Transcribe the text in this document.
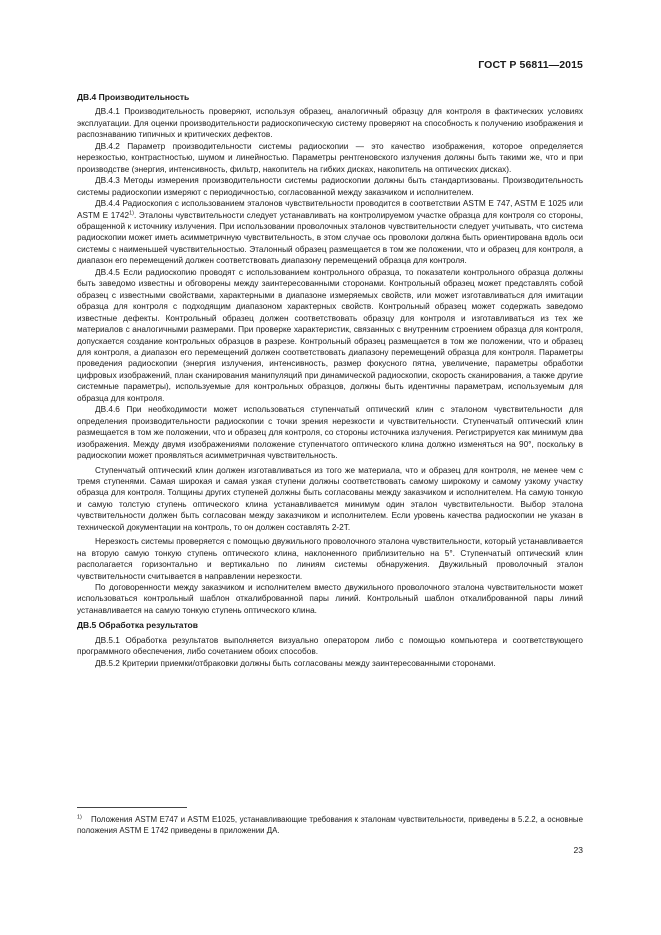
ГОСТ Р 56811—2015
ДВ.4 Производительность

ДВ.4.1 Производительность проверяют, используя образец, аналогичный образцу для контроля в фактических условиях эксплуатации. Для оценки производительности радиоскопическую систему проверяют на способность к получению изображения и распознаванию типичных и критических дефектов.

ДВ.4.2 Параметр производительности системы радиоскопии — это качество изображения, которое определяется нерезкостью, контрастностью, шумом и линейностью. Параметры рентгеновского излучения должны быть такими же, что и при производстве (энергия, интенсивность, фильтр, накопитель на гибких дисках, накопитель на оптических дисках).

ДВ.4.3 Методы измерения производительности системы радиоскопии должны быть стандартизованы. Производительность системы радиоскопии измеряют с периодичностью, согласованной между заказчиком и исполнителем.

ДВ.4.4 Радиоскопия с использованием эталонов чувствительности проводится в соответствии ASTM E 747, ASTM E 1025 или ASTM E 1742$^{1)}$. Эталоны чувствительности следует устанавливать на контролируемом участке образца для контроля со стороны, обращенной к источнику излучения. При использовании проволочных эталонов чувствительности следует учитывать, что система радиоскопии может иметь асимметричную чувствительность, в этом случае ось проволоки должна быть ориентирована вдоль оси системы с наименьшей чувствительностью. Эталонный образец размещается в том же положении, что и образец для контроля, а диапазон его перемещений должен соответствовать диапазону перемещений образца для контроля.

ДВ.4.5 Если радиоскопию проводят с использованием контрольного образца, то показатели контрольного образца должны быть заведомо известны и обговорены между заинтересованными сторонами. Контрольный образец может представлять собой образец с известными свойствами, характерными в диапазоне измеряемых свойств, или может изготавливаться для имитации образца для контроля с подходящим диапазоном характерных свойств. Контрольный образец может содержать заведомо известные дефекты. Контрольный образец должен соответствовать образцу для контроля и изготавливаться из тех же материалов с аналогичными размерами. При проверке характеристик, связанных с внутренним строением образца для контроля, допускается создание контрольных образцов в разрезе. Контрольный образец размещается в том же положении, что и образец для контроля, а диапазон его перемещений должен соответствовать диапазону перемещений образца для контроля. Параметры проведения радиоскопии (энергия излучения, интенсивность, размер фокусного пятна, увеличение, параметры обработки цифровых изображений, план сканирования манипуляций при динамической радиоскопии, скорость сканирования, а также другие системные параметры), используемые для контрольных образцов, должны быть идентичны параметрам, используемым для образца для контроля.

ДВ.4.6 При необходимости может использоваться ступенчатый оптический клин с эталоном чувствительности для определения производительности радиоскопии с точки зрения нерезкости и чувствительности. Ступенчатый оптический клин размещается в том же положении, что и образец для контроля, со стороны источника излучения. Регистрируется как минимум два изображения. Между двумя изображениями положение ступенчатого оптического клина должно изменяться на 90°, поскольку в радиоскопии может проявляться асимметричная чувствительность.

Ступенчатый оптический клин должен изготавливаться из того же материала, что и образец для контроля, не менее чем с тремя ступенями. Самая широкая и самая узкая ступени должны соответствовать самому широкому и самому узкому участку образца для контроля. Толщины других ступеней должны быть согласованы между заказчиком и исполнителем. На самую тонкую и самую толстую ступень оптического клина устанавливается минимум один эталон чувствительности. Выбор эталона чувствительности должен быть согласован между заказчиком и исполнителем. Если уровень качества радиоскопии не указан в технической документации на контроль, то он должен составлять 2-2T.

Нерезкость системы проверяется с помощью двужильного проволочного эталона чувствительности, который устанавливается на вторую самую тонкую ступень оптического клина, наклоненного приблизительно на 5°. Ступенчатый оптический клин располагается горизонтально и вертикально по линиям системы обнаружения. Двужильный проволочный эталон чувствительности считывается в направлении нерезкости.

По договоренности между заказчиком и исполнителем вместо двужильного проволочного эталона чувствительности может использоваться контрольный шаблон откалиброванной пары линий. Контрольный шаблон откалиброванной пары линий устанавливается на самую тонкую ступень оптического клина.

ДВ.5 Обработка результатов

ДВ.5.1 Обработка результатов выполняется визуально оператором либо с помощью компьютера и соответствующего программного обеспечения, либо сочетанием обоих способов.

ДВ.5.2 Критерии приемки/отбраковки должны быть согласованы между заинтересованными сторонами.

$^{1)}$ Положения ASTM E747 и ASTM E1025, устанавливающие требования к эталонам чувствительности, приведены в 5.2.2, а основные положения ASTM E 1742 приведены в приложении ДА.
23
